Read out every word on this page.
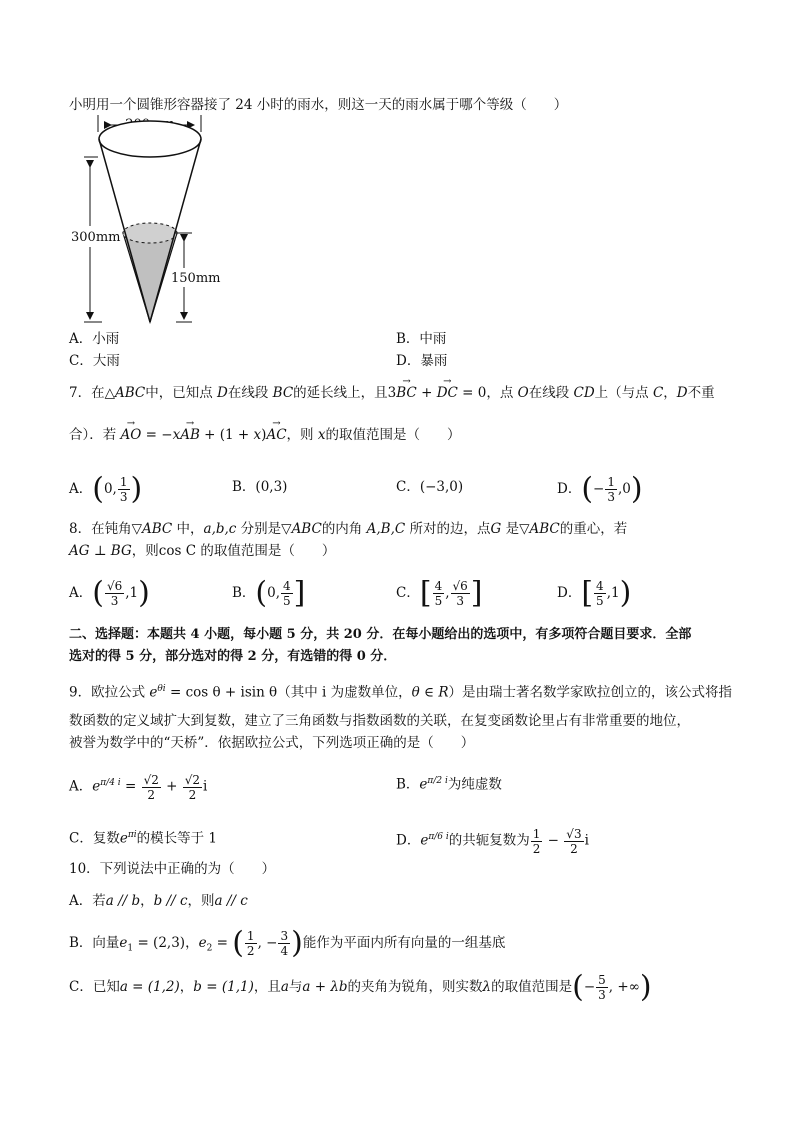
小明用一个圆锥形容器接了 24 小时的雨水，则这一天的雨水属于哪个等级（　　）
300mm
150mm
A．小雨	B．中雨
C．大雨	D．暴雨
7．在△ABC中，已知点 D在线段 BC的延长线上，且3→ BC + → DC = 0，点 O在线段 CD上（与点 C，D不重
合）．若 → AO = −x→ AB + (1 + x)→ AC，则 x的取值范围是（　　）
A．(0, $\frac{1}{3}$ )	B．(0,3)	C．(−3,0)	D．(− $\frac{1}{3} ,0$)
8．在钝角▽ABC 中，a,b,c 分别是▽ABC的内角 A,B,C 所对的边，点G 是▽ABC的重心，若
AG ⊥ BG，则cos C 的取值范围是（　　）
A．( $\frac{√6}{3} ,1$)	B．(0, $\frac{4}{5}$ ]	C．[ $\frac{4}{5}$ , $\frac{√6}{3}$ ]	D．[ $\frac{4}{5} ,1$)
二、选择题：本题共 4 小题，每小题 5 分，共 20 分．在每小题给出的选项中，有多项符合题目要求．全部
选对的得 5 分，部分选对的得 2 分，有选错的得 0 分．
9．欧拉公式 $e^{\theta i} = \cos \theta + isin$ θ（其中 i 为虚数单位，θ ∈ R）是由瑞士著名数学家欧拉创立的，该公式将指
数函数的定义域扩大到复数，建立了三角函数与指数函数的关联，在复变函数论里占有非常重要的地位，
被誉为数学中的“天桥”．依据欧拉公式，下列选项正确的是（　　）
A．$e^{\pi/4 i} = \frac{√2}{2} + \frac{√2}{2}$ i	B．$e^{\pi/2 i}$为纯虚数
C．复数$e^{\pi i}$的模长等于 1	D．$e^{\pi/6 i}$的共轭复数为 $\frac{1}{2} - \frac{√3}{2}$ i
10．下列说法中正确的为（　　）
A．若a // b，b // c，则a // c
B．向量$e_1 = (2,3)$，$e_2$ = ( $\frac{1}{2}$ , − $\frac{3}{4}$ )能作为平面内所有向量的一组基底
C．已知a = (1,2)，b = (1,1)，且a与a + λb的夹角为锐角，则实数λ的取值范围是(− $\frac{5}{3}$ , +∞)
